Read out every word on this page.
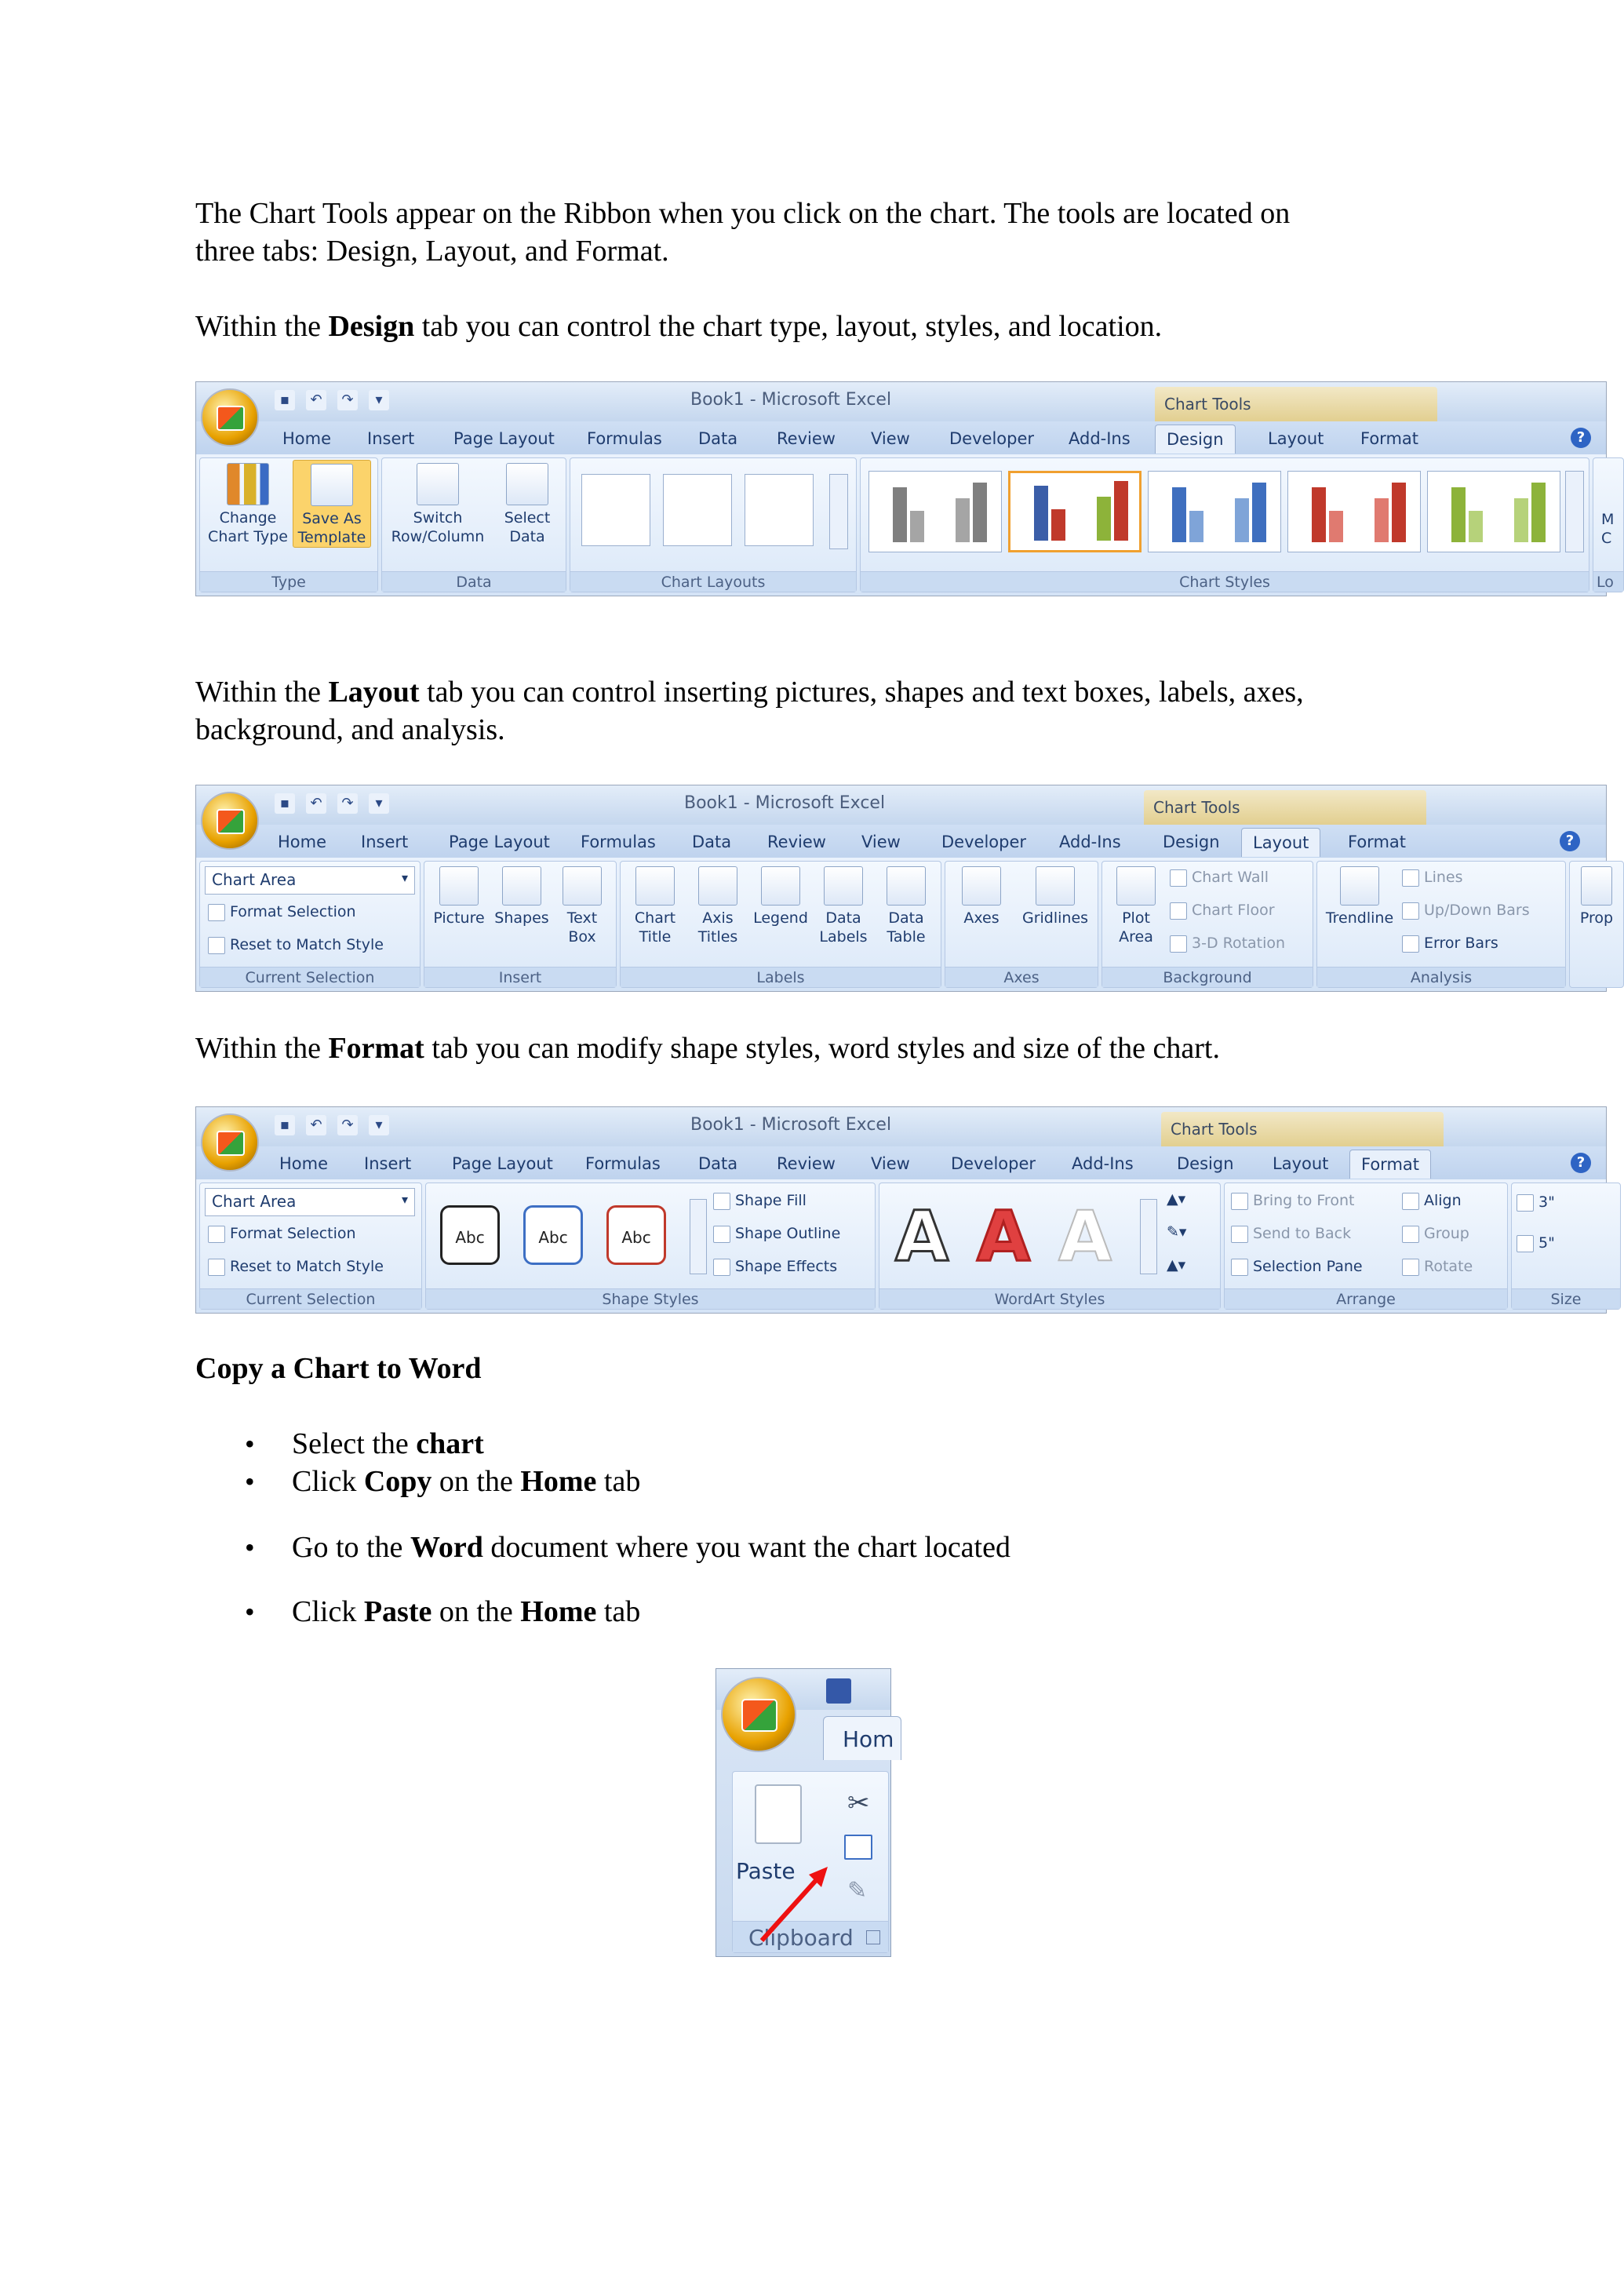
The Chart Tools appear on the Ribbon when you click on the chart. The tools are located on
three tabs: Design, Layout, and Format.
Within the Design tab you can control the chart type, layout, styles, and location.
▪	↶	↷	▾	Book1 - Microsoft Excel	Chart Tools
Home Insert Page Layout Formulas Data Review View Developer Add-Ins	Design	Layout Format	?
Change Chart Type
Save As Template
Type
Switch Row/Column
Select Data
Data	Chart Layouts	Chart Styles
M
C
Lo
Within the Layout tab you can control inserting pictures, shapes and text boxes, labels, axes,
background, and analysis.
▪	↶	↷	▾	Book1 - Microsoft Excel	Chart Tools
Home Insert Page Layout Formulas Data Review View Developer Add-Ins	Design	Layout	Format	?
Chart Area ▾
Format Selection
Reset to Match Style
Current Selection
Picture Shapes	Text Box
Insert
Chart Title
Axis Titles
Legend	Data Labels
Data Table
Labels
Axes	Gridlines
Axes
Plot Area
Chart Wall
Chart Floor
3-D Rotation
Background
Trendline
Lines
Up/Down Bars
Error Bars
Analysis
Prop
Within the Format tab you can modify shape styles, word styles and size of the chart.
▪	↶	↷	▾	Book1 - Microsoft Excel	Chart Tools
Home Insert Page Layout Formulas Data Review View Developer Add-Ins	Design Layout	Format	?
Chart Area ▾
Format Selection
Reset to Match Style
Current Selection
Abc	Abc	Abc
Shape Fill
Shape Outline
Shape Effects
Shape Styles
A A A	▲▾
✎▾
▲▾
WordArt Styles
Bring to Front
Send to Back
Selection Pane
Align
Group
Rotate
Arrange
3"
5"
Size
Copy a Chart to Word
• Select the chart
• Click Copy on the Home tab
• Go to the Word document where you want the chart located
• Click Paste on the Home tab
Hom
Paste
✂
✎
Clipboard
